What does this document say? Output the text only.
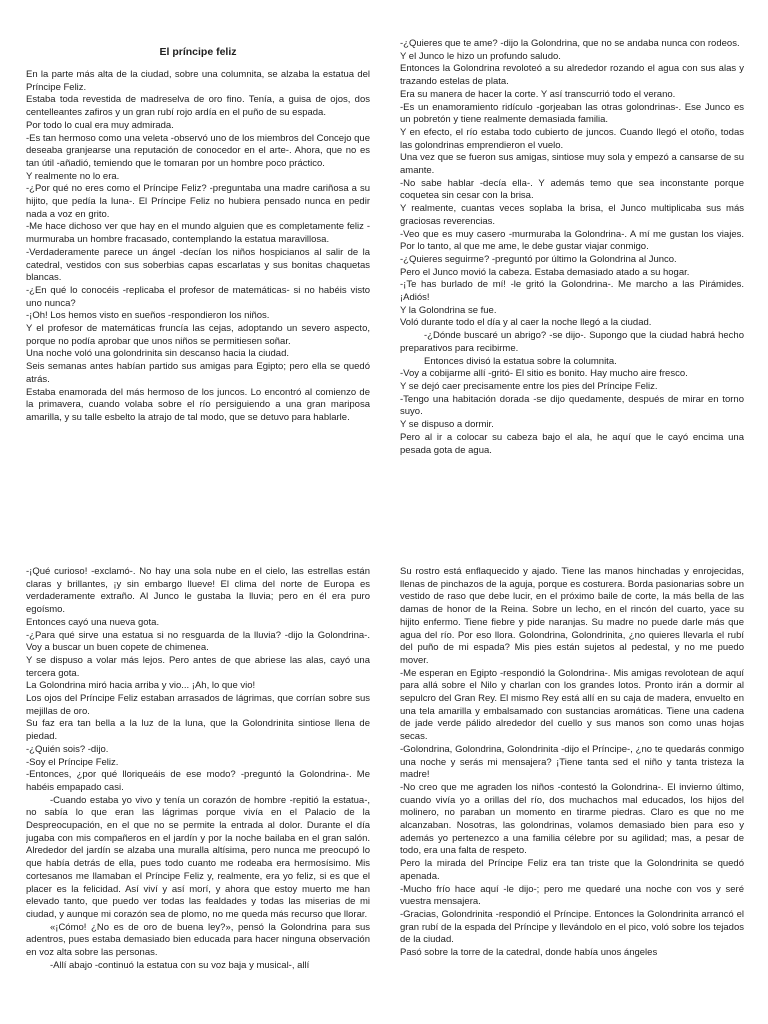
El príncipe feliz

En la parte más alta de la ciudad, sobre una columnita, se alzaba la estatua del Príncipe Feliz.

Estaba toda revestida de madreselva de oro fino. Tenía, a guisa de ojos, dos centelleantes zafiros y un gran rubí rojo ardía en el puño de su espada.

Por todo lo cual era muy admirada.

-Es tan hermoso como una veleta -observó uno de los miembros del Concejo que deseaba granjearse una reputación de conocedor en el arte-. Ahora, que no es tan útil -añadió, temiendo que le tomaran por un hombre poco práctico.

Y realmente no lo era.

-¿Por qué no eres como el Príncipe Feliz? -preguntaba una madre cariñosa a su hijito, que pedía la luna-. El Príncipe Feliz no hubiera pensado nunca en pedir nada a voz en grito.

-Me hace dichoso ver que hay en el mundo alguien que es completamente feliz -murmuraba un hombre fracasado, contemplando la estatua maravillosa.

-Verdaderamente parece un ángel -decían los niños hospicianos al salir de la catedral, vestidos con sus soberbias capas escarlatas y sus bonitas chaquetas blancas.

-¿En qué lo conocéis -replicaba el profesor de matemáticas- si no habéis visto uno nunca?

-¡Oh! Los hemos visto en sueños -respondieron los niños.

Y el profesor de matemáticas fruncía las cejas, adoptando un severo aspecto, porque no podía aprobar que unos niños se permitiesen soñar.

Una noche voló una golondrinita sin descanso hacia la ciudad.

Seis semanas antes habían partido sus amigas para Egipto; pero ella se quedó atrás.

Estaba enamorada del más hermoso de los juncos. Lo encontró al comienzo de la primavera, cuando volaba sobre el río persiguiendo a una gran mariposa amarilla, y su talle esbelto la atrajo de tal modo, que se detuvo para hablarle.

-¿Quieres que te ame? -dijo la Golondrina, que no se andaba nunca con rodeos.

Y el Junco le hizo un profundo saludo.

Entonces la Golondrina revoloteó a su alrededor rozando el agua con sus alas y trazando estelas de plata.

Era su manera de hacer la corte. Y así transcurrió todo el verano.

-Es un enamoramiento ridículo -gorjeaban las otras golondrinas-. Ese Junco es un pobretón y tiene realmente demasiada familia.

Y en efecto, el río estaba todo cubierto de juncos. Cuando llegó el otoño, todas las golondrinas emprendieron el vuelo.

Una vez que se fueron sus amigas, sintiose muy sola y empezó a cansarse de su amante.

-No sabe hablar -decía ella-. Y además temo que sea inconstante porque coquetea sin cesar con la brisa.

Y realmente, cuantas veces soplaba la brisa, el Junco multiplicaba sus más graciosas reverencias.

-Veo que es muy casero -murmuraba la Golondrina-. A mí me gustan los viajes. Por lo tanto, al que me ame, le debe gustar viajar conmigo.

-¿Quieres seguirme? -preguntó por último la Golondrina al Junco.

Pero el Junco movió la cabeza. Estaba demasiado atado a su hogar.

-¡Te has burlado de mí! -le gritó la Golondrina-. Me marcho a las Pirámides. ¡Adiós!

Y la Golondrina se fue.

Voló durante todo el día y al caer la noche llegó a la ciudad.

-¿Dónde buscaré un abrigo? -se dijo-. Supongo que la ciudad habrá hecho preparativos para recibirme.

Entonces divisó la estatua sobre la columnita.

-Voy a cobijarme allí -gritó- El sitio es bonito. Hay mucho aire fresco.

Y se dejó caer precisamente entre los pies del Príncipe Feliz.

-Tengo una habitación dorada -se dijo quedamente, después de mirar en torno suyo.

Y se dispuso a dormir.

Pero al ir a colocar su cabeza bajo el ala, he aquí que le cayó encima una pesada gota de agua.

-¡Qué curioso! -exclamó-. No hay una sola nube en el cielo, las estrellas están claras y brillantes, ¡y sin embargo llueve! El clima del norte de Europa es verdaderamente extraño. Al Junco le gustaba la lluvia; pero en él era puro egoísmo.

Entonces cayó una nueva gota.

-¿Para qué sirve una estatua si no resguarda de la lluvia? -dijo la Golondrina-. Voy a buscar un buen copete de chimenea.

Y se dispuso a volar más lejos. Pero antes de que abriese las alas, cayó una tercera gota.

La Golondrina miró hacia arriba y vio... ¡Ah, lo que vio!

Los ojos del Príncipe Feliz estaban arrasados de lágrimas, que corrían sobre sus mejillas de oro.

Su faz era tan bella a la luz de la luna, que la Golondrinita sintiose llena de piedad.

-¿Quién sois? -dijo.

-Soy el Príncipe Feliz.

-Entonces, ¿por qué lloriqueáis de ese modo? -preguntó la Golondrina-. Me habéis empapado casi.

-Cuando estaba yo vivo y tenía un corazón de hombre -repitió la estatua-, no sabía lo que eran las lágrimas porque vivía en el Palacio de la Despreocupación, en el que no se permite la entrada al dolor. Durante el día jugaba con mis compañeros en el jardín y por la noche bailaba en el gran salón. Alrededor del jardín se alzaba una muralla altísima, pero nunca me preocupó lo que había detrás de ella, pues todo cuanto me rodeaba era hermosísimo. Mis cortesanos me llamaban el Príncipe Feliz y, realmente, era yo feliz, si es que el placer es la felicidad. Así viví y así morí, y ahora que estoy muerto me han elevado tanto, que puedo ver todas las fealdades y todas las miserias de mi ciudad, y aunque mi corazón sea de plomo, no me queda más recurso que llorar.

«¡Cómo! ¿No es de oro de buena ley?», pensó la Golondrina para sus adentros, pues estaba demasiado bien educada para hacer ninguna observación en voz alta sobre las personas.

-Allí abajo -continuó la estatua con su voz baja y musical-, allí

Su rostro está enflaquecido y ajado. Tiene las manos hinchadas y enrojecidas, llenas de pinchazos de la aguja, porque es costurera. Borda pasionarias sobre un vestido de raso que debe lucir, en el próximo baile de corte, la más bella de las damas de honor de la Reina. Sobre un lecho, en el rincón del cuarto, yace su hijito enfermo. Tiene fiebre y pide naranjas. Su madre no puede darle más que agua del río. Por eso llora. Golondrina, Golondrinita, ¿no quieres llevarla el rubí del puño de mi espada? Mis pies están sujetos al pedestal, y no me puedo mover.

-Me esperan en Egipto -respondió la Golondrina-. Mis amigas revolotean de aquí para allá sobre el Nilo y charlan con los grandes lotos. Pronto irán a dormir al sepulcro del Gran Rey. El mismo Rey está allí en su caja de madera, envuelto en una tela amarilla y embalsamado con sustancias aromáticas. Tiene una cadena de jade verde pálido alrededor del cuello y sus manos son como unas hojas secas.

-Golondrina, Golondrina, Golondrinita -dijo el Príncipe-, ¿no te quedarás conmigo una noche y serás mi mensajera? ¡Tiene tanta sed el niño y tanta tristeza la madre!

-No creo que me agraden los niños -contestó la Golondrina-. El invierno último, cuando vivía yo a orillas del río, dos muchachos mal educados, los hijos del molinero, no paraban un momento en tirarme piedras. Claro es que no me alcanzaban. Nosotras, las golondrinas, volamos demasiado bien para eso y además yo pertenezco a una familia célebre por su agilidad; mas, a pesar de todo, era una falta de respeto.

Pero la mirada del Príncipe Feliz era tan triste que la Golondrinita se quedó apenada.

-Mucho frío hace aquí -le dijo-; pero me quedaré una noche con vos y seré vuestra mensajera.

-Gracias, Golondrinita -respondió el Príncipe. Entonces la Golondrinita arrancó el gran rubí de la espada del Príncipe y llevándolo en el pico, voló sobre los tejados de la ciudad.

Pasó sobre la torre de la catedral, donde había unos ángeles
